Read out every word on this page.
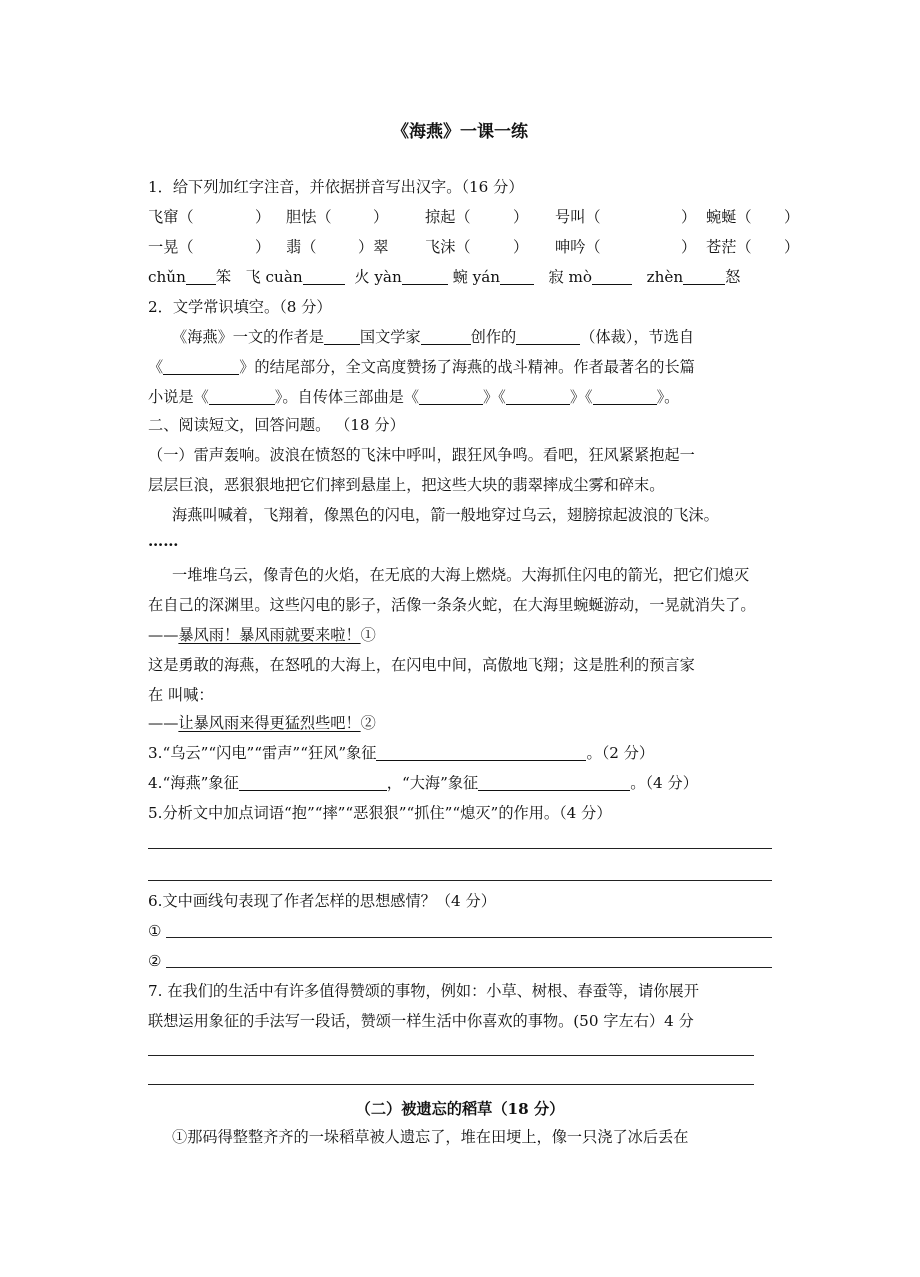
《海燕》一课一练
1．给下列加红字注音，并依据拼音写出汉字。（16 分）
飞窜（	） 胆怯（	） 掠起（	） 号叫（	） 蜿蜒（ ）
一晃（	） 翡（	）翠 飞沫（	） 呻吟（	） 苍茫（ ）
chǔn 笨 飞 cuàn	火 yàn	蜿 yán	寂 mò	zhèn	怒
2．文学常识填空。（8 分）
《海燕》一文的作者是 国文学家	创作的	（体裁），节选自
《	》的结尾部分，全文高度赞扬了海燕的战斗精神。作者最著名的长篇
小说是《	》。自传体三部曲是《	》《	》《	》。
二、阅读短文，回答问题。 （18 分）
（一）雷声轰响。波浪在愤怒的飞沫中呼叫，跟狂风争鸣。看吧，狂风紧紧抱起一
层层巨浪，恶狠狠地把它们摔到悬崖上，把这些大块的翡翠摔成尘雾和碎末。
海燕叫喊着，飞翔着，像黑色的闪电，箭一般地穿过乌云，翅膀掠起波浪的飞沫。
……
一堆堆乌云，像青色的火焰，在无底的大海上燃烧。大海抓住闪电的箭光，把它们熄灭
在自己的深渊里。这些闪电的影子，活像一条条火蛇，在大海里蜿蜒游动，一晃就消失了。
——暴风雨！暴风雨就要来啦！①
这是勇敢的海燕，在怒吼的大海上，在闪电中间，高傲地飞翔；这是胜利的预言家
在 叫喊：
——让暴风雨来得更猛烈些吧！②
3.“乌云”“闪电”“雷声”“狂风”象征	。（2 分）
4.“海燕”象征	，“大海”象征	。（4 分）
5.分析文中加点词语“抱”“摔”“恶狠狠”“抓住”“熄灭”的作用。（4 分）
6.文中画线句表现了作者怎样的思想感情？（4 分）
①
②
7. 在我们的生活中有许多值得赞颂的事物，例如：小草、树根、春蚕等，请你展开
联想运用象征的手法写一段话，赞颂一样生活中你喜欢的事物。(50 字左右）4 分
（二）被遗忘的稻草（18 分）
①那码得整整齐齐的一垛稻草被人遗忘了，堆在田埂上，像一只浇了冰后丢在
